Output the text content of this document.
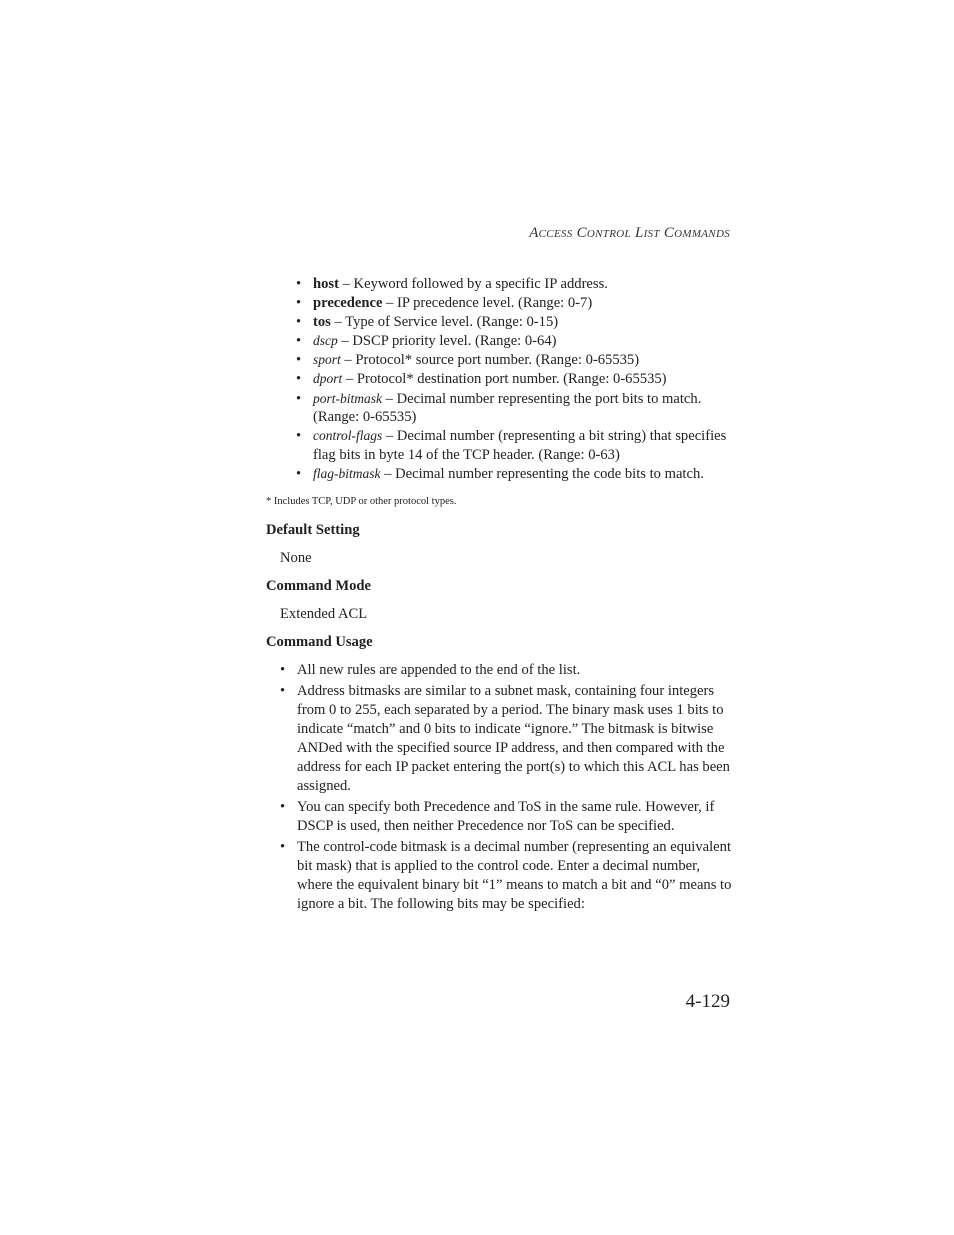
Access Control List Commands
• host – Keyword followed by a specific IP address.
• precedence – IP precedence level. (Range: 0-7)
• tos – Type of Service level. (Range: 0-15)
• dscp – DSCP priority level. (Range: 0-64)
• sport – Protocol* source port number. (Range: 0-65535)
• dport – Protocol* destination port number. (Range: 0-65535)
• port-bitmask – Decimal number representing the port bits to match. (Range: 0-65535)
• control-flags – Decimal number (representing a bit string) that specifies flag bits in byte 14 of the TCP header. (Range: 0-63)
• flag-bitmask – Decimal number representing the code bits to match.
* Includes TCP, UDP or other protocol types.
Default Setting
None
Command Mode
Extended ACL
Command Usage
• All new rules are appended to the end of the list.
• Address bitmasks are similar to a subnet mask, containing four integers from 0 to 255, each separated by a period. The binary mask uses 1 bits to indicate “match” and 0 bits to indicate “ignore.” The bitmask is bitwise ANDed with the specified source IP address, and then compared with the address for each IP packet entering the port(s) to which this ACL has been assigned.
• You can specify both Precedence and ToS in the same rule. However, if DSCP is used, then neither Precedence nor ToS can be specified.
• The control-code bitmask is a decimal number (representing an equivalent bit mask) that is applied to the control code. Enter a decimal number, where the equivalent binary bit “1” means to match a bit and “0” means to ignore a bit. The following bits may be specified:
4-129
